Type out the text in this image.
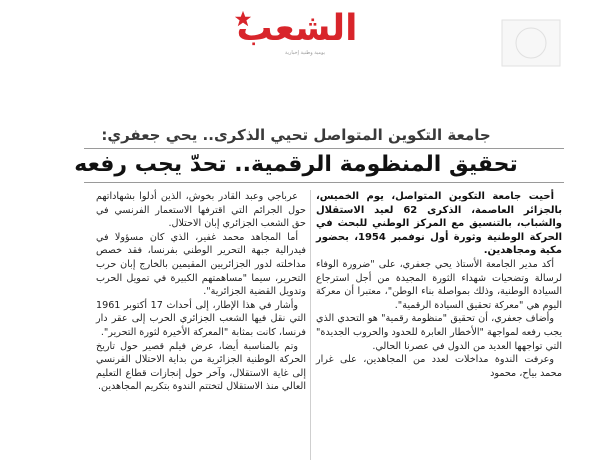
الشعب
يومية وطنية إخبارية
جامعة التكوين المتواصل تحيي الذكرى.. يحي جعفري:
تحقيق المنظومة الرقمية.. تحدّ يجب رفعه

أحيت جامعة التكوين المتواصل، يوم الخميس، بالجزائر العاصمة، الذكرى 62 لعيد الاستقلال والشباب، بالتنسيق مع المركز الوطني للبحث في الحركة الوطنية وثورة أول نوفمبر 1954، بحضور مكية ومجاهدين.

أكد مدير الجامعة الأستاذ يحي جعفري، على "ضرورة الوفاء لرسالة وتضحيات شهداء الثورة المجيدة من أجل استرجاع السيادة الوطنية، وذلك بمواصلة بناء الوطن"، معتبرا أن معركة اليوم هي "معركة تحقيق السيادة الرقمية".

وأضاف جعفري، أن تحقيق "منظومة رقمية" هو التحدي الذي يجب رفعه لمواجهة "الأخطار العابرة للحدود والحروب الجديدة" التي تواجهها العديد من الدول في عصرنا الحالي.

وعرفت الندوة مداخلات لعدد من المجاهدين، على غرار محمد بياح، محمود

عرباجي وعبد القادر بخوش، الذين أدلوا بشهاداتهم حول الجرائم التي اقترفها الاستعمار الفرنسي في حق الشعب الجزائري إبان الاحتلال.

أما المجاهد محمد غفير، الذي كان مسؤولا في فيدرالية جبهة التحرير الوطني بفرنسا، فقد خصص مداخلته لدور الجزائريين المقيمين بالخارج إبان حرب التحرير، سيما "مساهمتهم الكبيرة في تمويل الحرب وتدويل القضية الجزائرية".

وأشار في هذا الإطار، إلى أحداث 17 أكتوبر 1961 التي نقل فيها الشعب الجزائري الحرب إلى عقر دار فرنسا، كانت بمثابة "المعركة الأخيرة لثورة التحرير".

وتم بالمناسبة أيضا، عرض فيلم قصير حول تاريخ الحركة الوطنية الجزائرية من بداية الاحتلال الفرنسي إلى غاية الاستقلال، وآخر حول إنجازات قطاع التعليم العالي منذ الاستقلال لتختتم الندوة بتكريم المجاهدين.
